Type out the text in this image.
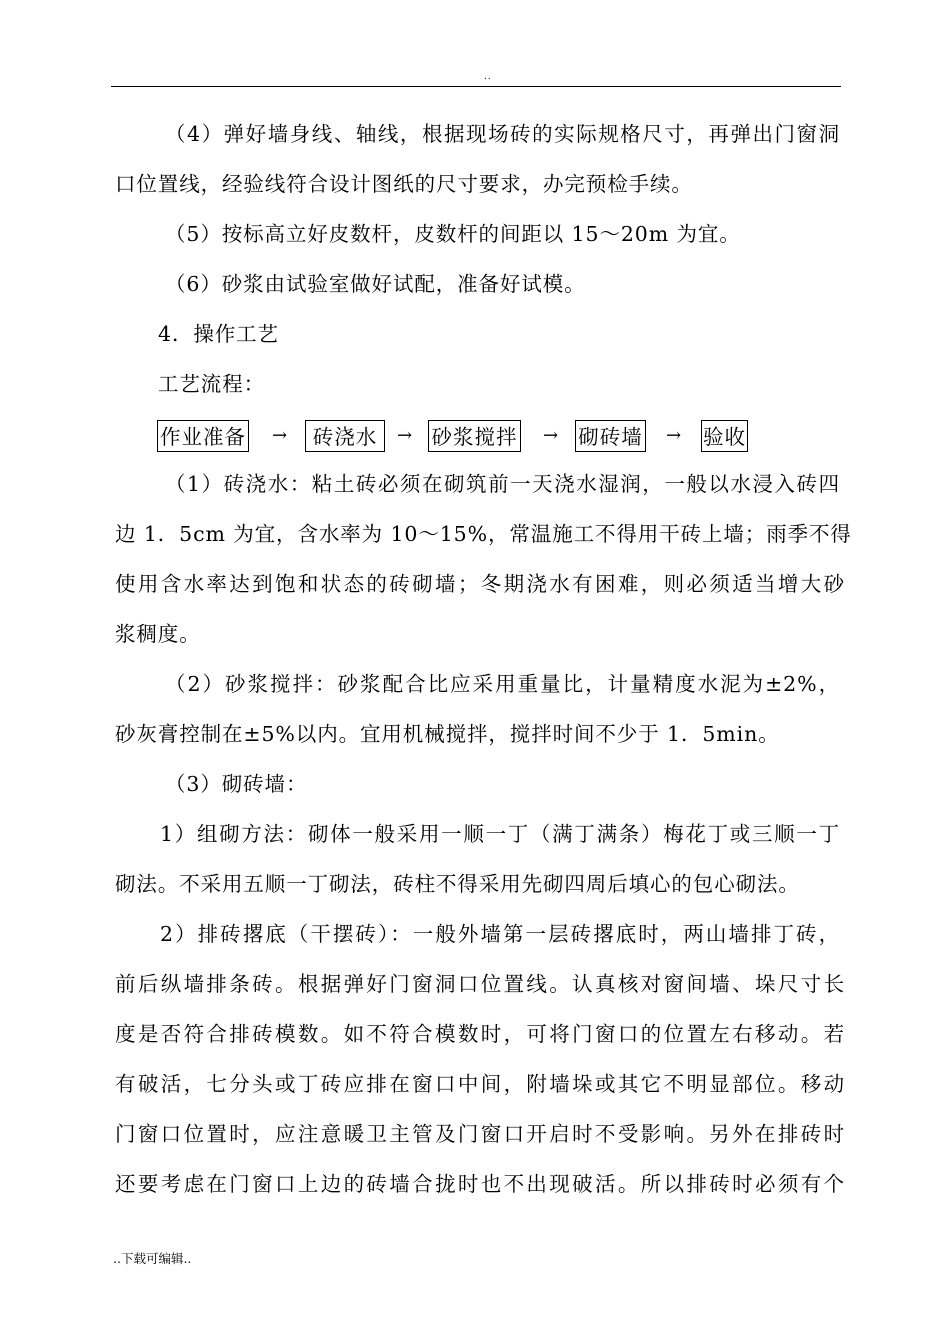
..
（4）弹好墙身线、轴线，根据现场砖的实际规格尺寸，再弹出门窗洞
口位置线，经验线符合设计图纸的尺寸要求，办完预检手续。
（5）按标高立好皮数杆，皮数杆的间距以 15～20m 为宜。
（6）砂浆由试验室做好试配，准备好试模。
4．操作工艺
工艺流程：
作业准备 →	砖浇水	→ 砂浆搅拌 → 砌砖墙 → 验收
（1）砖浇水：粘土砖必须在砌筑前一天浇水湿润，一般以水浸入砖四
边 1．5cm 为宜，含水率为 10～15%，常温施工不得用干砖上墙；雨季不得
使用含水率达到饱和状态的砖砌墙；冬期浇水有困难，则必须适当增大砂
浆稠度。
（2）砂浆搅拌：砂浆配合比应采用重量比，计量精度水泥为±2%，
砂灰膏控制在±5%以内。宜用机械搅拌，搅拌时间不少于 1．5min。
（3）砌砖墙：
1）组砌方法：砌体一般采用一顺一丁（满丁满条）梅花丁或三顺一丁
砌法。不采用五顺一丁砌法，砖柱不得采用先砌四周后填心的包心砌法。
2）排砖撂底（干摆砖）：一般外墙第一层砖撂底时，两山墙排丁砖，
前后纵墙排条砖。根据弹好门窗洞口位置线。认真核对窗间墙、垛尺寸长
度是否符合排砖模数。如不符合模数时，可将门窗口的位置左右移动。若
有破活，七分头或丁砖应排在窗口中间，附墙垛或其它不明显部位。移动
门窗口位置时，应注意暖卫主管及门窗口开启时不受影响。另外在排砖时
还要考虑在门窗口上边的砖墙合拢时也不出现破活。所以排砖时必须有个
..下载可编辑..
